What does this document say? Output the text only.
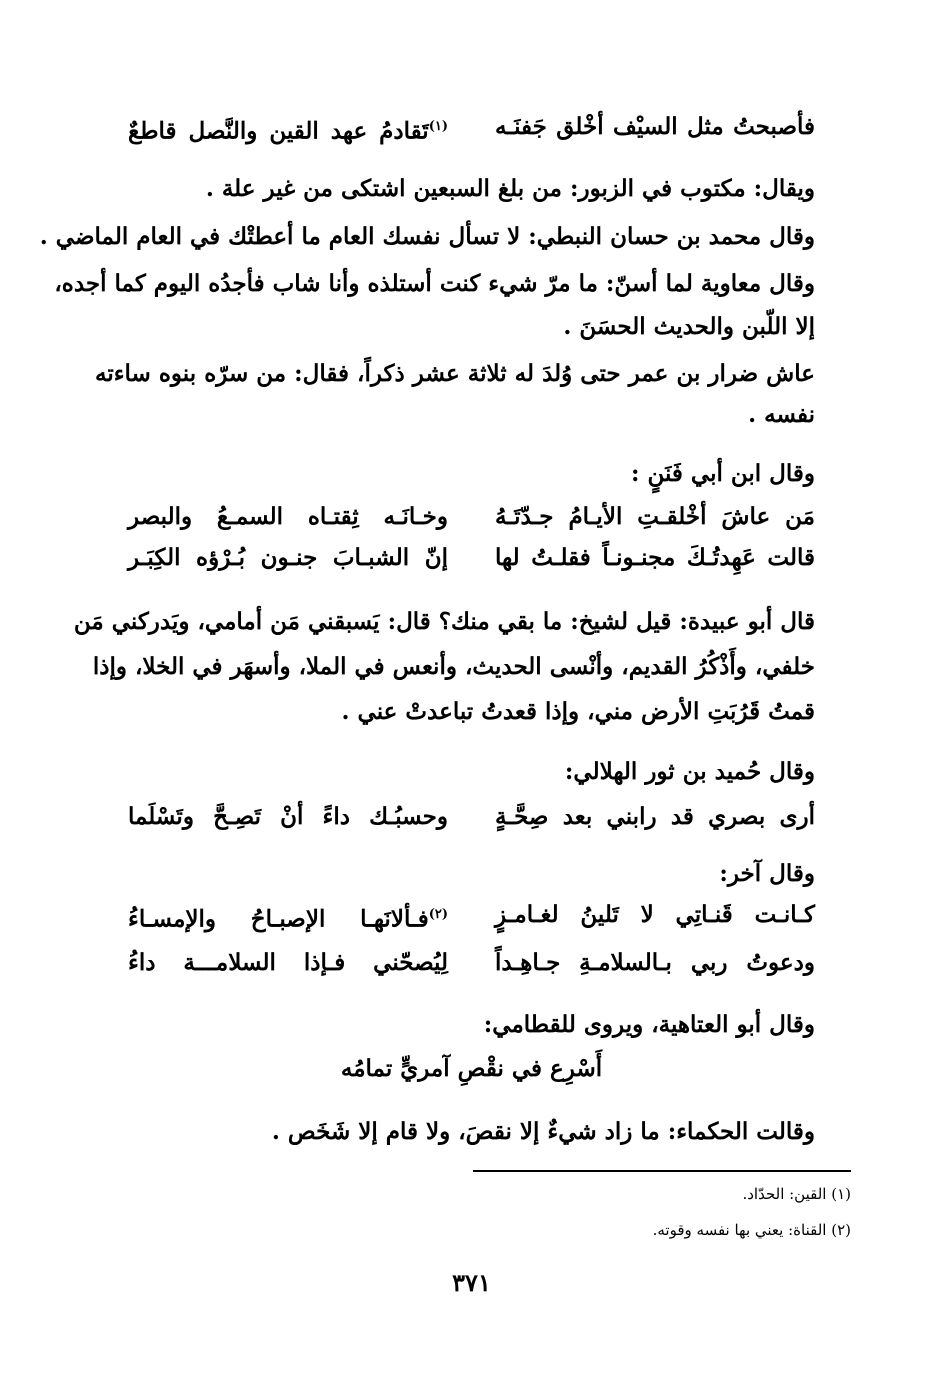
فأصبحتُ مثل السيْف أخْلق جَفنَـه
$^{(١)}$تَقادمُ عهد القين والنَّصل قاطعٌ
ويقال: مكتوب في الزبور: من بلغ السبعين اشتكى من غير علة .
وقال محمد بن حسان النبطي: لا تسأل نفسك العام ما أعطتْك في العام الماضي .
وقال معاوية لما أسنّ: ما مرّ شيء كنت أستلذه وأنا شاب فأجدُه اليوم كما أجده،
إلا اللّبن والحديث الحسَنَ .
عاش ضرار بن عمر حتى وُلدَ له ثلاثة عشر ذكراً، فقال: من سرّه بنوه ساءته
نفسه .
وقال ابن أبي فَنَنٍ :
مَن عاشَ أخْلقـتِ الأيـامُ جـدّتَـهُ
وخـانَـه ثِقتـاه السمـعُ والبصر
قالت عَهِدتُـكَ مجنـونـاً فقلـتُ لها
إنّ الشبـابَ جنـون بُـرْؤه الكِبَـر
قال أبو عبيدة: قيل لشيخ: ما بقي منك؟ قال: يَسبقني مَن أمامي، ويَدركني مَن
خلفي، وأَذْكُرُ القديم، وأنْسى الحديث، وأنعس في الملا، وأسهَر في الخلا، وإذا
قمتُ قَرُبَتِ الأرض مني، وإذا قعدتُ تباعدتْ عني .
وقال حُميد بن ثور الهلالي:
أرى بصري قد رابني بعد صِحَّـةٍ
وحسبُـك داءً أنْ تَصِـحَّ وتَسْلَما
وقال آخر:
كـانـت قَنـاتِي لا تَلينُ لغـامـزٍ
$^{(٢)}$فـألانَهـا الإصبـاحُ والإمسـاءُ
ودعوتُ ربي بـالسلامـةِ جـاهِـداً
لِيُصحّني فـإذا السلامـــة داءُ
وقال أبو العتاهية، ويروى للقطامي:
أَسْرِع في نقْصِ آمريٍّ تمامُه
وقالت الحكماء: ما زاد شيءٌ إلا نقصَ، ولا قام إلا شَخَص .
(١) القين: الحدّاد.
(٢) القناة: يعني بها نفسه وقوته.
٣٧١
